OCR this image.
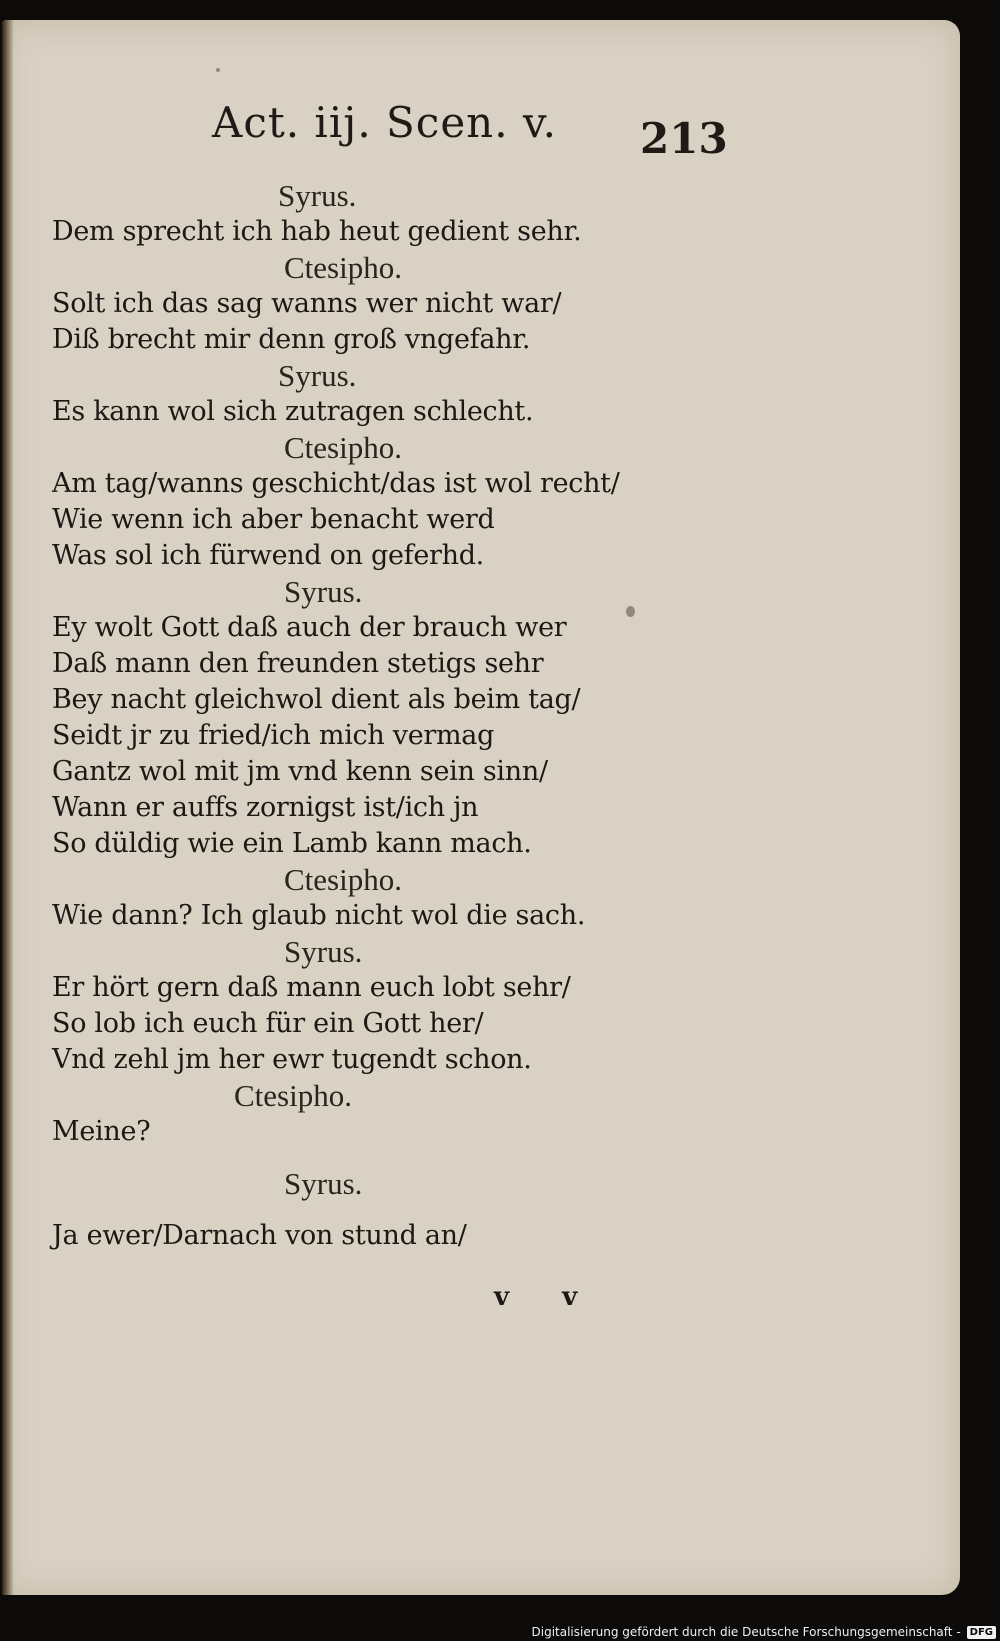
Act. iij. Scen. v. 213
Syrus.
Dem sprecht ich hab heut gedient sehr.
Ctesipho.
Solt ich das sag wanns wer nicht war/
Diß brecht mir denn groß vngefahr.
Syrus.
Es kann wol sich zutragen schlecht.
Ctesipho.
Am tag/wanns geschicht/das ist wol recht/
Wie wenn ich aber benacht werd
Was sol ich fürwend on geferhd.
Syrus.
Ey wolt Gott daß auch der brauch wer
Daß mann den freunden stetigs sehr
Bey nacht gleichwol dient als beim tag/
Seidt jr zu fried/ich mich vermag
Gantz wol mit jm vnd kenn sein sinn/
Wann er auffs zornigst ist/ich jn
So düldig wie ein Lamb kann mach.
Ctesipho.
Wie dann? Ich glaub nicht wol die sach.
Syrus.
Er hört gern daß mann euch lobt sehr/
So lob ich euch für ein Gott her/
Vnd zehl jm her ewr tugendt schon.
Ctesipho.
Meine?
Syrus.
Ja ewer/Darnach von stund an/
v v
Digitalisierung gefördert durch die Deutsche Forschungsgemeinschaft - DFG
